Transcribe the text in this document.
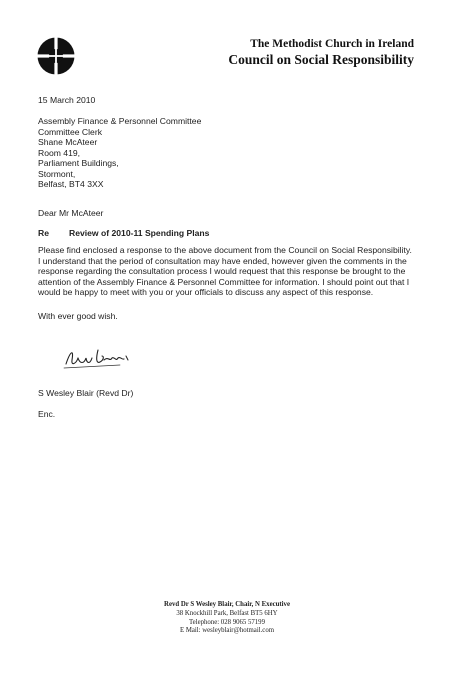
The Methodist Church in Ireland
Council on Social Responsibility
15 March 2010
Assembly Finance & Personnel Committee
Committee Clerk
Shane McAteer
Room 419,
Parliament Buildings,
Stormont,
Belfast, BT4 3XX
Dear Mr McAteer
Re Review of 2010-11 Spending Plans
Please find enclosed a response to the above document from the Council on Social Responsibility.
I understand that the period of consultation may have ended, however given the comments in the
response regarding the consultation process I would request that this response be brought to the
attention of the Assembly Finance & Personnel Committee for information. I should point out that I
would be happy to meet with you or your officials to discuss any aspect of this response.
With ever good wish.
S Wesley Blair (Revd Dr)
Enc.
Revd Dr S Wesley Blair, Chair, N Executive
38 Knockhill Park, Belfast BT5 6HY
Telephone: 028 9065 57199
E Mail: wesleyblair@hotmail.com
